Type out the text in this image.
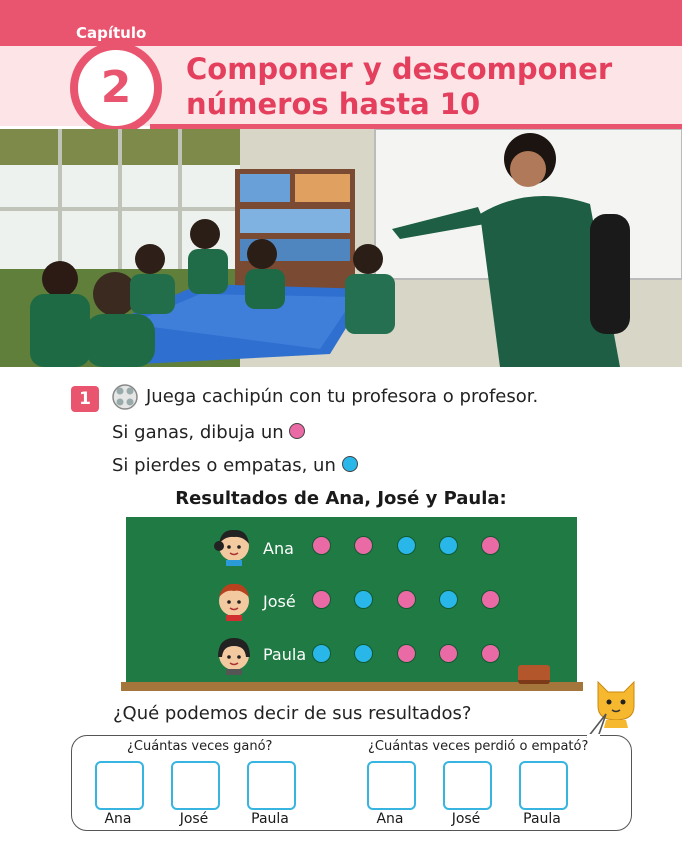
Capítulo
2	Componer y descomponer
números hasta 10
1	Juega cachipún con tu profesora o profesor.
Si ganas, dibuja un
Si pierdes o empatas, un
Resultados de Ana, José y Paula:
Ana
José
Paula
¿Qué podemos decir de sus resultados?
¿Cuántas veces ganó?	¿Cuántas veces perdió o empató?
Ana	José	Paula	Ana	José	Paula
